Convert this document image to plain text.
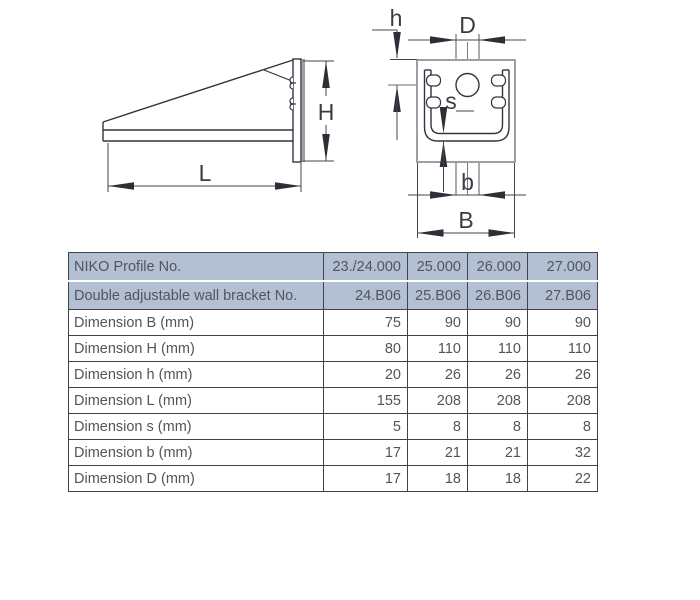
H
L
h D
s
b
B
NIKO Profile No.	23./24.000	25.000	26.000	27.000
Double adjustable wall bracket No.	24.B06	25.B06	26.B06	27.B06
Dimension B (mm)	75	90	90	90
Dimension H (mm)	80	110	110	110
Dimension h (mm)	20	26	26	26
Dimension L (mm)	155	208	208	208
Dimension s (mm)	5	8	8	8
Dimension b (mm)	17	21	21	32
Dimension D (mm)	17	18	18	22
